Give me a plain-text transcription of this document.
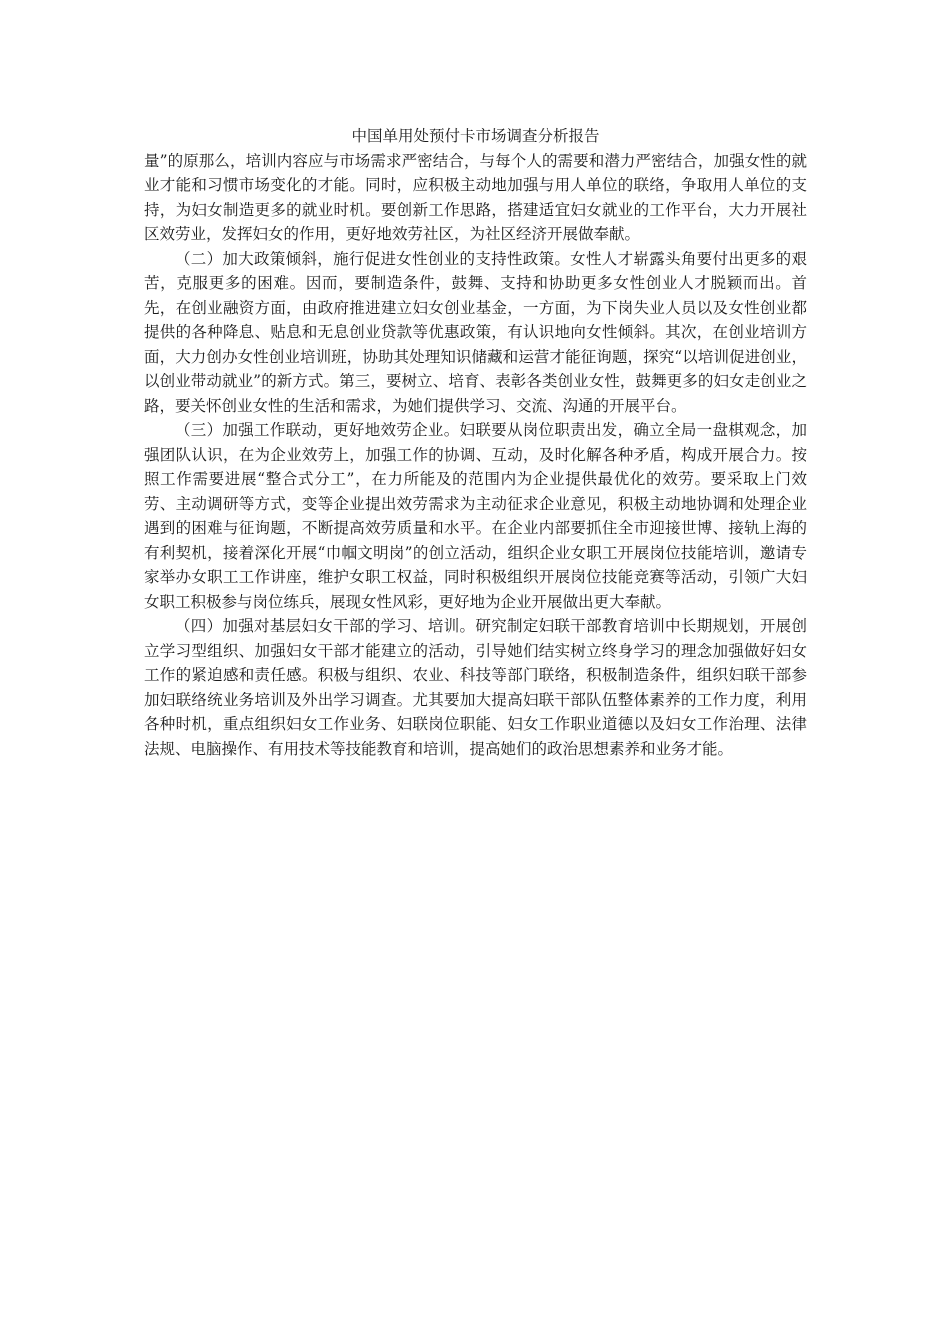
中国单用处预付卡市场调查分析报告

量”的原那么，培训内容应与市场需求严密结合，与每个人的需要和潜力严密结合，加强女性的就业才能和习惯市场变化的才能。同时，应积极主动地加强与用人单位的联络，争取用人单位的支持，为妇女制造更多的就业时机。要创新工作思路，搭建适宜妇女就业的工作平台，大力开展社区效劳业，发挥妇女的作用，更好地效劳社区，为社区经济开展做奉献。

（二）加大政策倾斜，施行促进女性创业的支持性政策。女性人才崭露头角要付出更多的艰苦，克服更多的困难。因而，要制造条件，鼓舞、支持和协助更多女性创业人才脱颖而出。首先，在创业融资方面，由政府推进建立妇女创业基金，一方面，为下岗失业人员以及女性创业都提供的各种降息、贴息和无息创业贷款等优惠政策，有认识地向女性倾斜。其次，在创业培训方面，大力创办女性创业培训班，协助其处理知识储藏和运营才能征询题，探究“以培训促进创业，以创业带动就业”的新方式。第三，要树立、培育、表彰各类创业女性，鼓舞更多的妇女走创业之路，要关怀创业女性的生活和需求，为她们提供学习、交流、沟通的开展平台。

（三）加强工作联动，更好地效劳企业。妇联要从岗位职责出发，确立全局一盘棋观念，加强团队认识，在为企业效劳上，加强工作的协调、互动，及时化解各种矛盾，构成开展合力。按照工作需要进展“整合式分工”，在力所能及的范围内为企业提供最优化的效劳。要采取上门效劳、主动调研等方式，变等企业提出效劳需求为主动征求企业意见，积极主动地协调和处理企业遇到的困难与征询题，不断提高效劳质量和水平。在企业内部要抓住全市迎接世博、接轨上海的有利契机，接着深化开展“巾帼文明岗”的创立活动，组织企业女职工开展岗位技能培训，邀请专家举办女职工工作讲座，维护女职工权益，同时积极组织开展岗位技能竞赛等活动，引领广大妇女职工积极参与岗位练兵，展现女性风彩，更好地为企业开展做出更大奉献。

（四）加强对基层妇女干部的学习、培训。研究制定妇联干部教育培训中长期规划，开展创立学习型组织、加强妇女干部才能建立的活动，引导她们结实树立终身学习的理念加强做好妇女工作的紧迫感和责任感。积极与组织、农业、科技等部门联络，积极制造条件，组织妇联干部参加妇联络统业务培训及外出学习调查。尤其要加大提高妇联干部队伍整体素养的工作力度，利用各种时机，重点组织妇女工作业务、妇联岗位职能、妇女工作职业道德以及妇女工作治理、法律法规、电脑操作、有用技术等技能教育和培训，提高她们的政治思想素养和业务才能。
